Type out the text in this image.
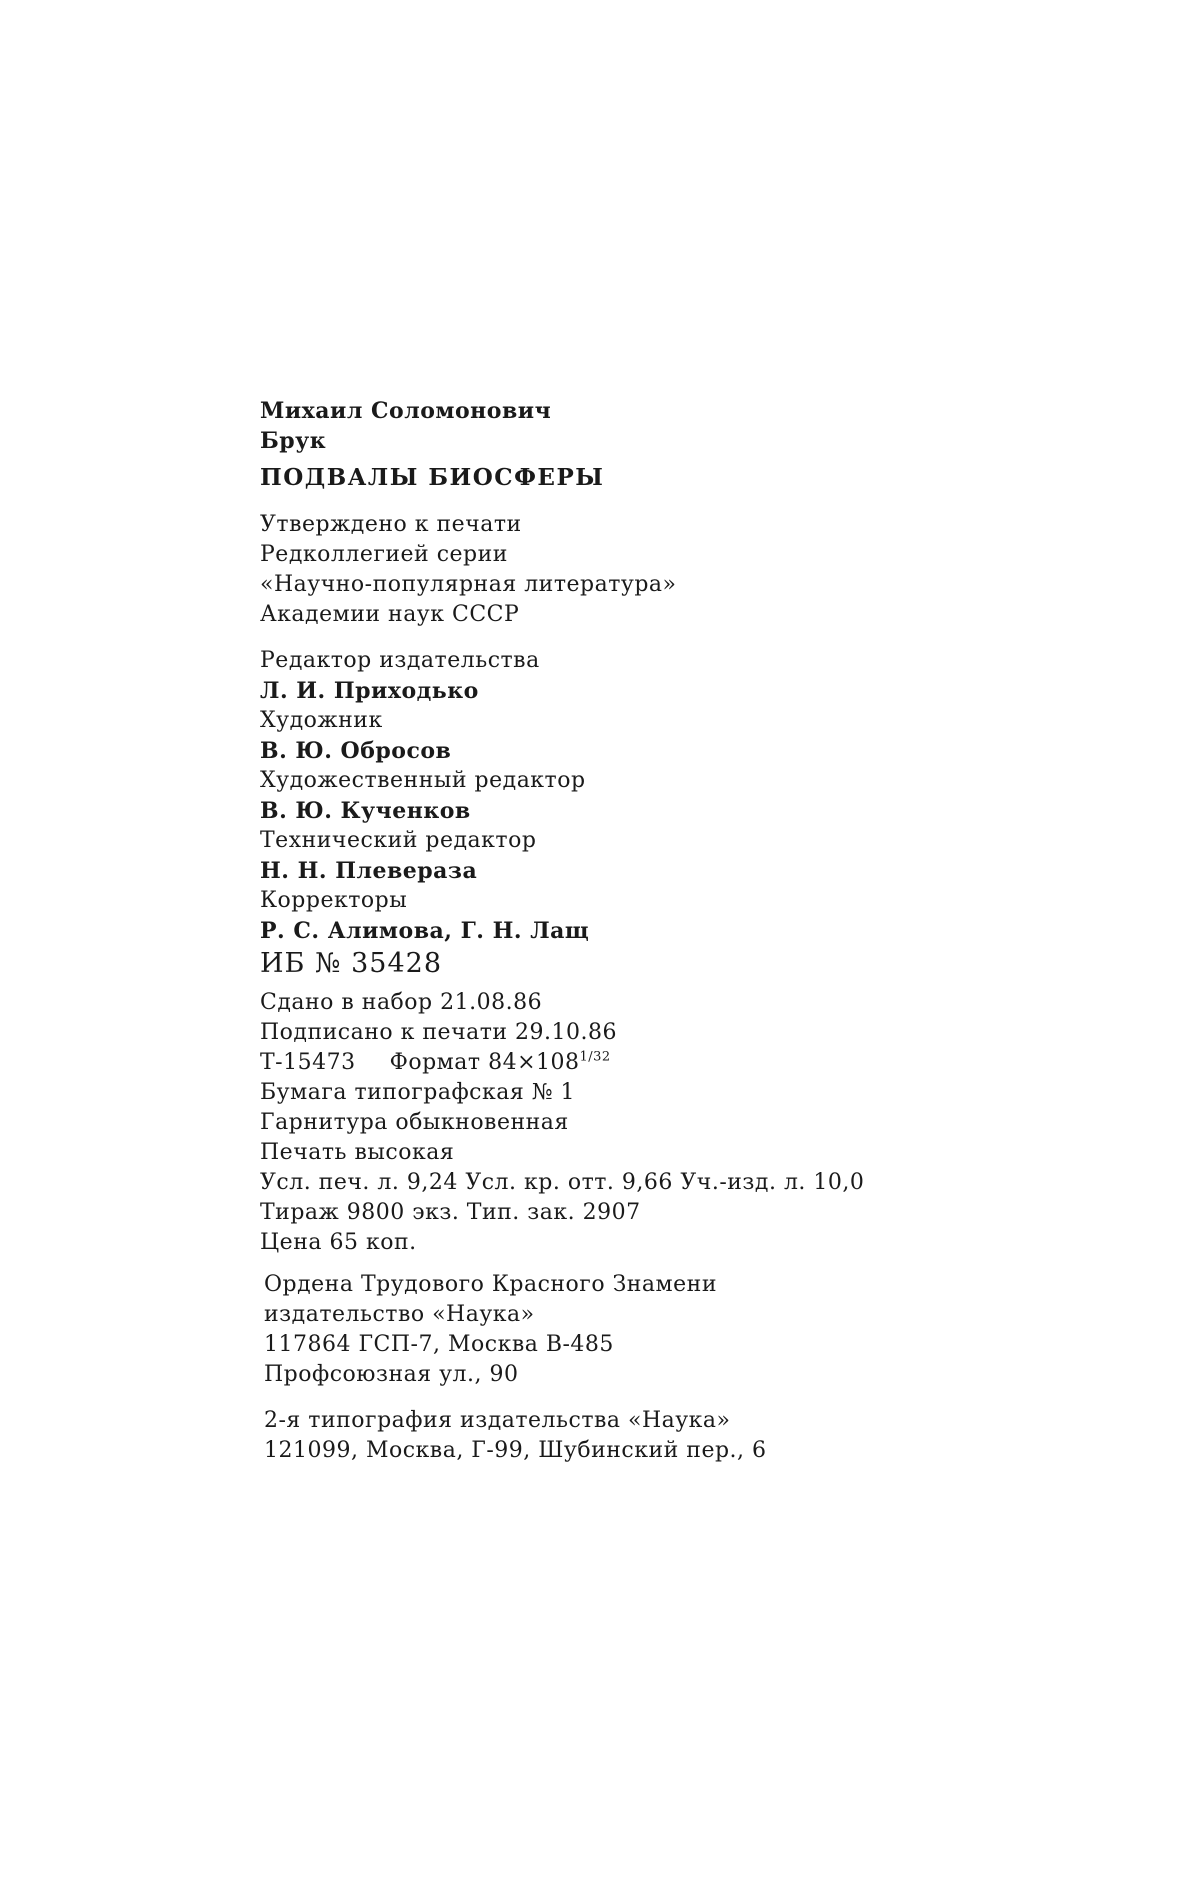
Михаил Соломонович
Брук
ПОДВАЛЫ БИОСФЕРЫ
Утверждено к печати
Редколлегией серии
«Научно-популярная литература»
Академии наук СССР
Редактор издательства
Л. И. Приходько
Художник
В. Ю. Обросов
Художественный редактор
В. Ю. Кученков
Технический редактор
Н. Н. Плевераза
Корректоры
Р. С. Алимова, Г. Н. Лащ
ИБ № 35428
Сдано в набор 21.08.86
Подписано к печати 29.10.86
Т-15473 Формат $84\times 108^{1/32}$
Бумага типографская № 1
Гарнитура обыкновенная
Печать высокая
Усл. печ. л. 9,24 Усл. кр. отт. 9,66 Уч.-изд. л. 10,0
Тираж 9800 экз. Тип. зак. 2907
Цена 65 коп.
Ордена Трудового Красного Знамени
издательство «Наука»
117864 ГСП-7, Москва В-485
Профсоюзная ул., 90
2-я типография издательства «Наука»
121099, Москва, Г-99, Шубинский пер., 6
